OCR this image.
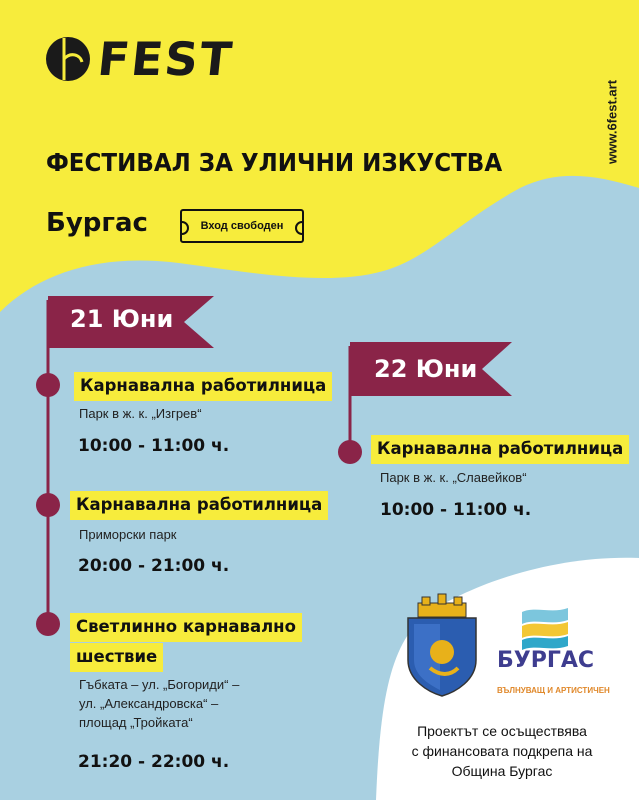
FEST
www.6fest.art
ФЕСТИВАЛ ЗА УЛИЧНИ ИЗКУСТВА
Бургас	Вход свободен
21 Юни
Карнавална работилница
Парк в ж. к. „Изгрев“
10:00 - 11:00 ч.
Карнавална работилница
Приморски парк
20:00 - 21:00 ч.
Светлинно карнавално
шествие
Гъбката – ул. „Богориди“ –
ул. „Александровска“ –
площад „Тройката“
21:20 - 22:00 ч.
22 Юни
Карнавална работилница
Парк в ж. к. „Славейков“
10:00 - 11:00 ч.
БУРГАС
ВЪЛНУВАЩ И АРТИСТИЧЕН
Проектът се осъществява
с финансовата подкрепа на
Община Бургас
